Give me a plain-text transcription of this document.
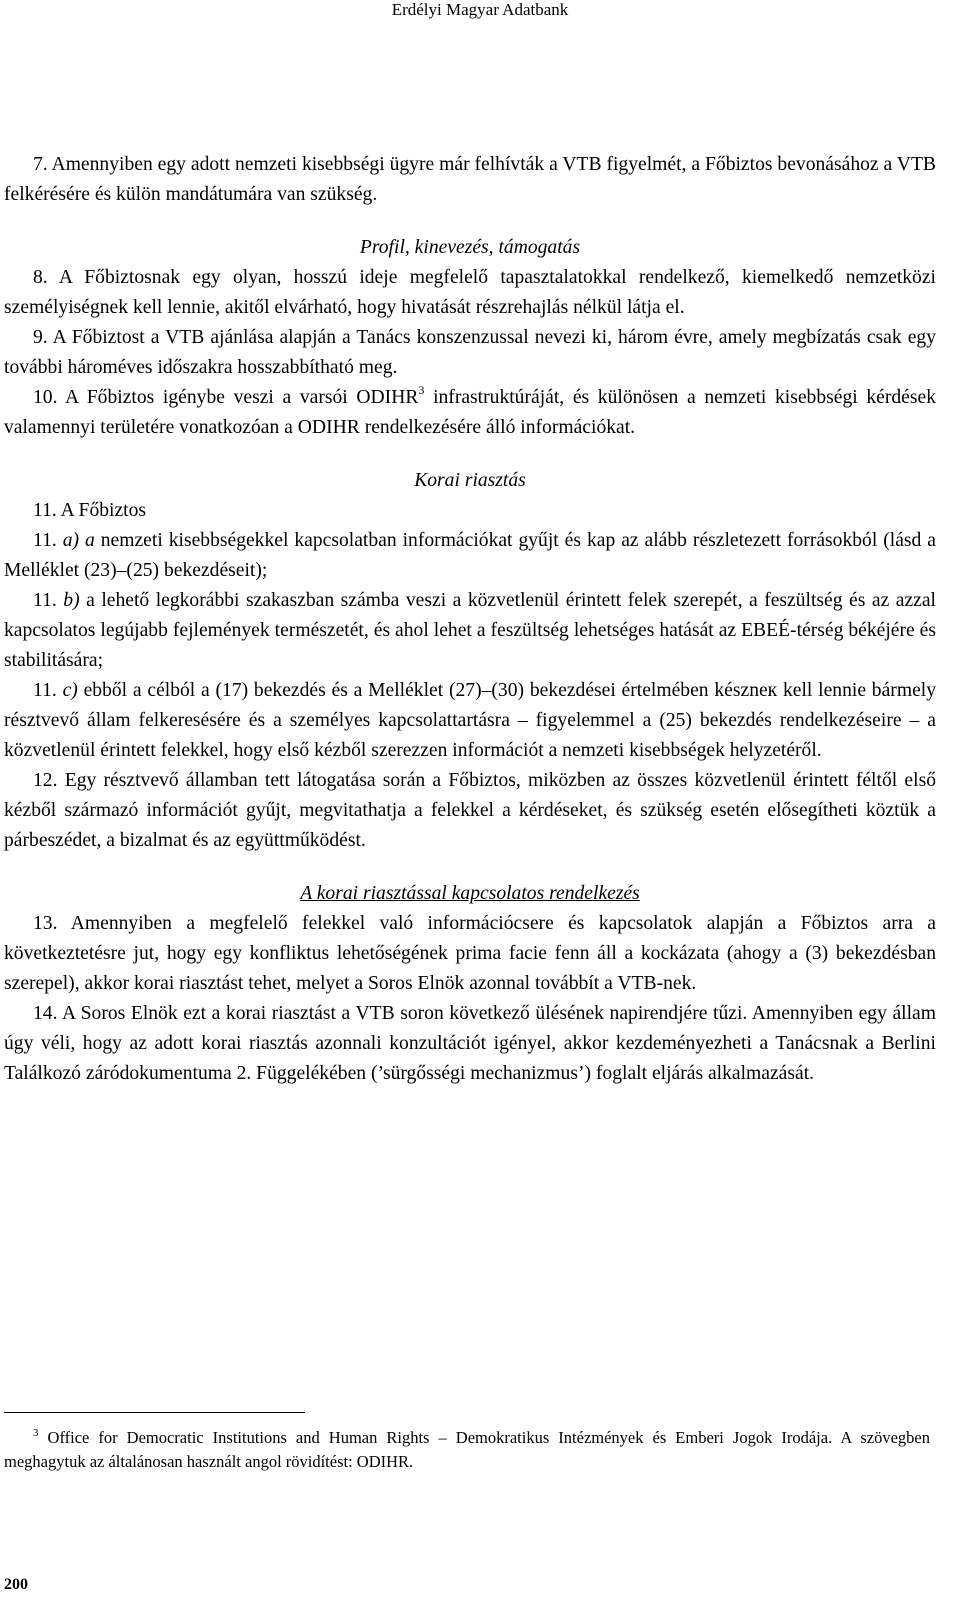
Erdélyi Magyar Adatbank

7. Amennyiben egy adott nemzeti kisebbségi ügyre már felhívták a VTB figyelmét, a Főbiztos bevonásához a VTB felkérésére és külön mandátumára van szükség.

Profil, kinevezés, támogatás

8. A Főbiztosnak egy olyan, hosszú ideje megfelelő tapasztalatokkal rendelkező, kiemelkedő nemzetközi személyiségnek kell lennie, akitől elvárható, hogy hivatását részrehajlás nélkül látja el.

9. A Főbiztost a VTB ajánlása alapján a Tanács konszenzussal nevezi ki, három évre, amely megbízatás csak egy további hároméves időszakra hosszabbítható meg.

10. A Főbiztos igénybe veszi a varsói ODIHR$^3$ infrastruktúráját, és különösen a nemzeti kisebbségi kérdések valamennyi területére vonatkozóan a ODIHR rendelkezésére álló információkat.

Korai riasztás

11. A Főbiztos

11. a) a nemzeti kisebbségekkel kapcsolatban információkat gyűjt és kap az alább részletezett forrásokból (lásd a Melléklet (23)–(25) bekezdéseit);

11. b) a lehető legkorábbi szakaszban számba veszi a közvetlenül érintett felek szerepét, a feszültség és az azzal kapcsolatos legújabb fejlemények természetét, és ahol lehet a feszültség lehetséges hatását az EBEÉ-térség békéjére és stabilitására;

11. c) ebből a célból a (17) bekezdés és a Melléklet (27)–(30) bekezdései értelmében készneк kell lennie bármely résztvevő állam felkeresésére és a személyes kapcsolattartásra – figyelemmel a (25) bekezdés rendelkezéseire – a közvetlenül érintett felekkel, hogy első kézből szerezzen információt a nemzeti kisebbségek helyzetéről.

12. Egy résztvevő államban tett látogatása során a Főbiztos, miközben az összes közvetlenül érintett féltől első kézből származó információt gyűjt, megvitathatja a felekkel a kérdéseket, és szükség esetén elősegítheti köztük a párbeszédet, a bizalmat és az együttműködést.

A korai riasztással kapcsolatos rendelkezés

13. Amennyiben a megfelelő felekkel való információcsere és kapcsolatok alapján a Főbiztos arra a következtetésre jut, hogy egy konfliktus lehetőségének prima facie fenn áll a kockázata (ahogy a (3) bekezdésban szerepel), akkor korai riasztást tehet, melyet a Soros Elnök azonnal továbbít a VTB-nek.

14. A Soros Elnök ezt a korai riasztást a VTB soron következő ülésének napirendjére tűzi. Amennyiben egy állam úgy véli, hogy az adott korai riasztás azonnali konzultációt igényel, akkor kezdeményezheti a Tanácsnak a Berlini Találkozó záródokumentuma 2. Függelékében (’sürgősségi mechanizmus’) foglalt eljárás alkalmazását.

$^3$ Office for Democratic Institutions and Human Rights – Demokratikus Intézmények és Emberi Jogok Irodája. A szövegben meghagytuk az általánosan használt angol rövidítést: ODIHR.

200
